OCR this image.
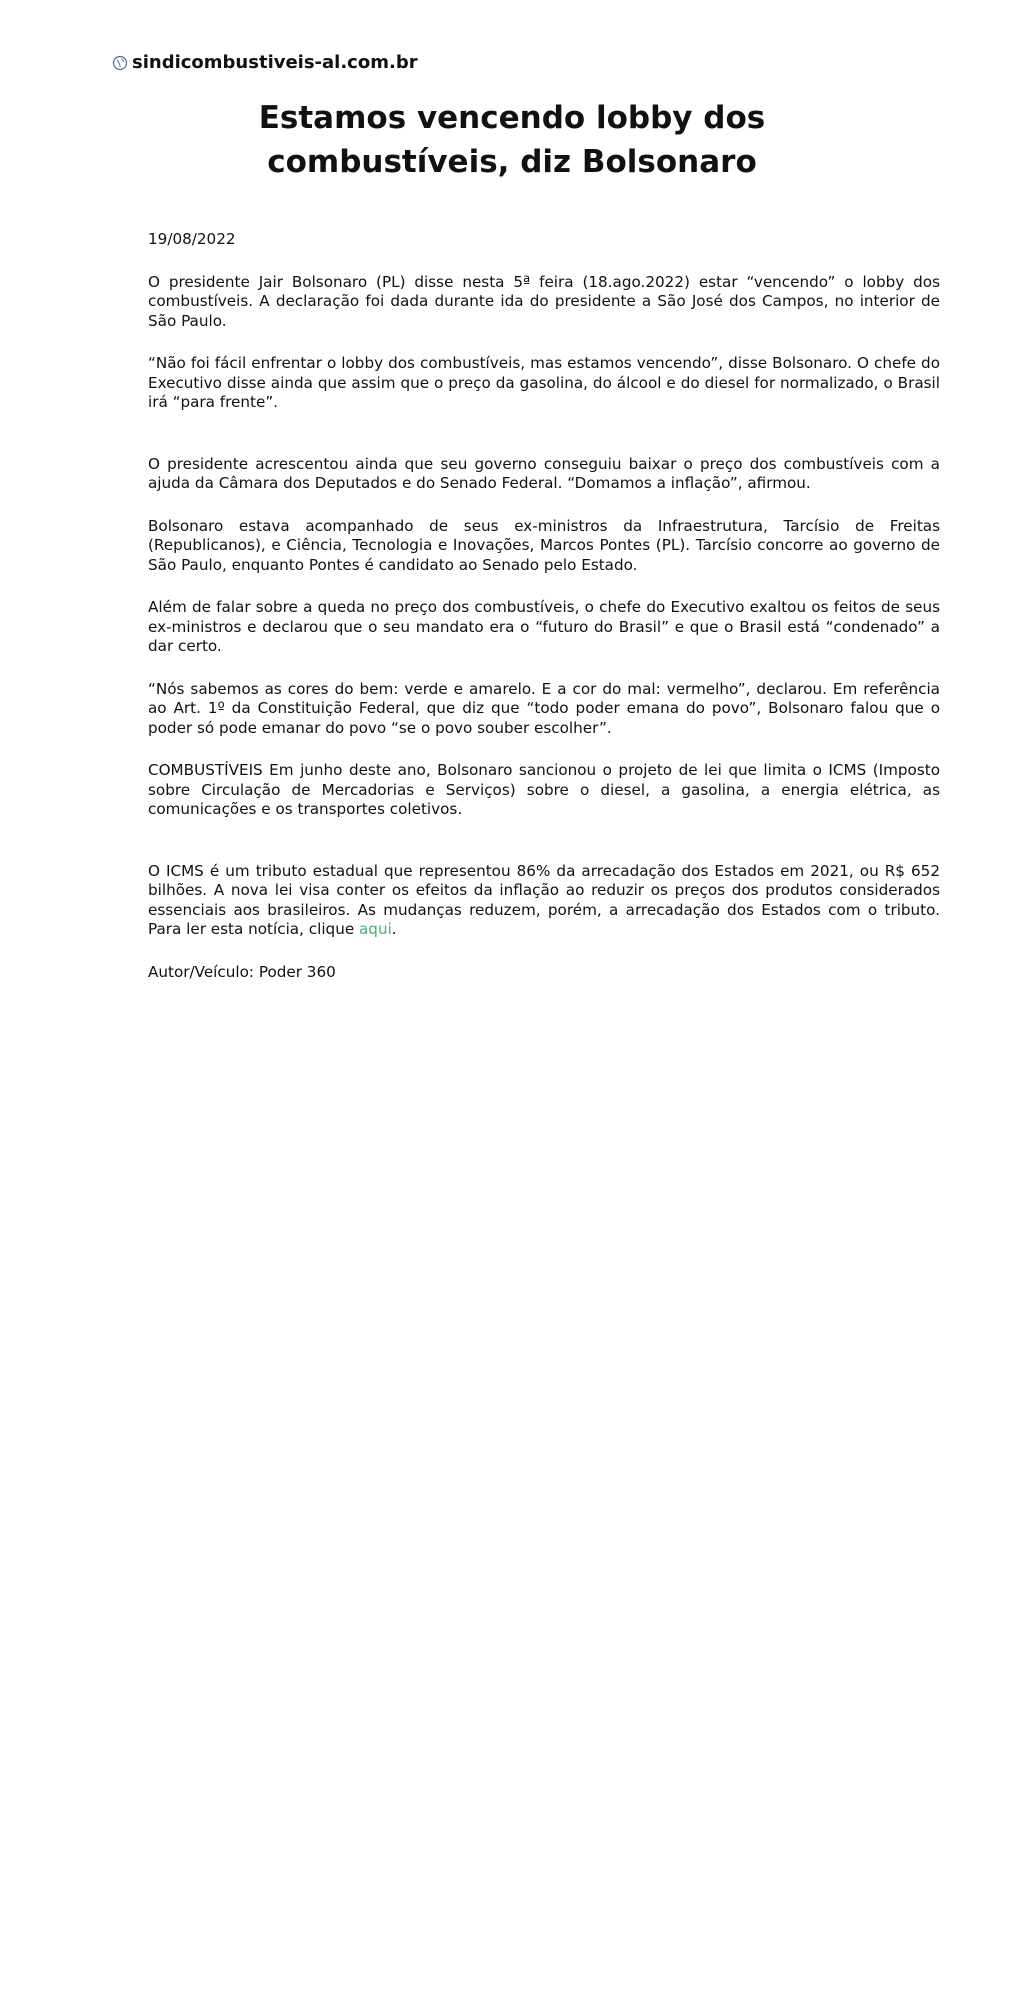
sindicombustiveis-al.com.br
Estamos vencendo lobby dos combustíveis, diz Bolsonaro

19/08/2022

O presidente Jair Bolsonaro (PL) disse nesta 5ª feira (18.ago.2022) estar “vencendo” o lobby dos combustíveis. A declaração foi dada durante ida do presidente a São José dos Campos, no interior de São Paulo.

“Não foi fácil enfrentar o lobby dos combustíveis, mas estamos vencendo”, disse Bolsonaro. O chefe do Executivo disse ainda que assim que o preço da gasolina, do álcool e do diesel for normalizado, o Brasil irá “para frente”.

O presidente acrescentou ainda que seu governo conseguiu baixar o preço dos combustíveis com a ajuda da Câmara dos Deputados e do Senado Federal. “Domamos a inflação”, afirmou.

Bolsonaro estava acompanhado de seus ex-ministros da Infraestrutura, Tarcísio de Freitas (Republicanos), e Ciência, Tecnologia e Inovações, Marcos Pontes (PL). Tarcísio concorre ao governo de São Paulo, enquanto Pontes é candidato ao Senado pelo Estado.

Além de falar sobre a queda no preço dos combustíveis, o chefe do Executivo exaltou os feitos de seus ex-ministros e declarou que o seu mandato era o “futuro do Brasil” e que o Brasil está “condenado” a dar certo.

“Nós sabemos as cores do bem: verde e amarelo. E a cor do mal: vermelho”, declarou. Em referência ao Art. 1º da Constituição Federal, que diz que “todo poder emana do povo”, Bolsonaro falou que o poder só pode emanar do povo “se o povo souber escolher”.

COMBUSTÍVEIS Em junho deste ano, Bolsonaro sancionou o projeto de lei que limita o ICMS (Imposto sobre Circulação de Mercadorias e Serviços) sobre o diesel, a gasolina, a energia elétrica, as comunicações e os transportes coletivos.

O ICMS é um tributo estadual que representou 86% da arrecadação dos Estados em 2021, ou R$ 652 bilhões. A nova lei visa conter os efeitos da inflação ao reduzir os preços dos produtos considerados essenciais aos brasileiros. As mudanças reduzem, porém, a arrecadação dos Estados com o tributo. Para ler esta notícia, clique aqui.

Autor/Veículo: Poder 360
